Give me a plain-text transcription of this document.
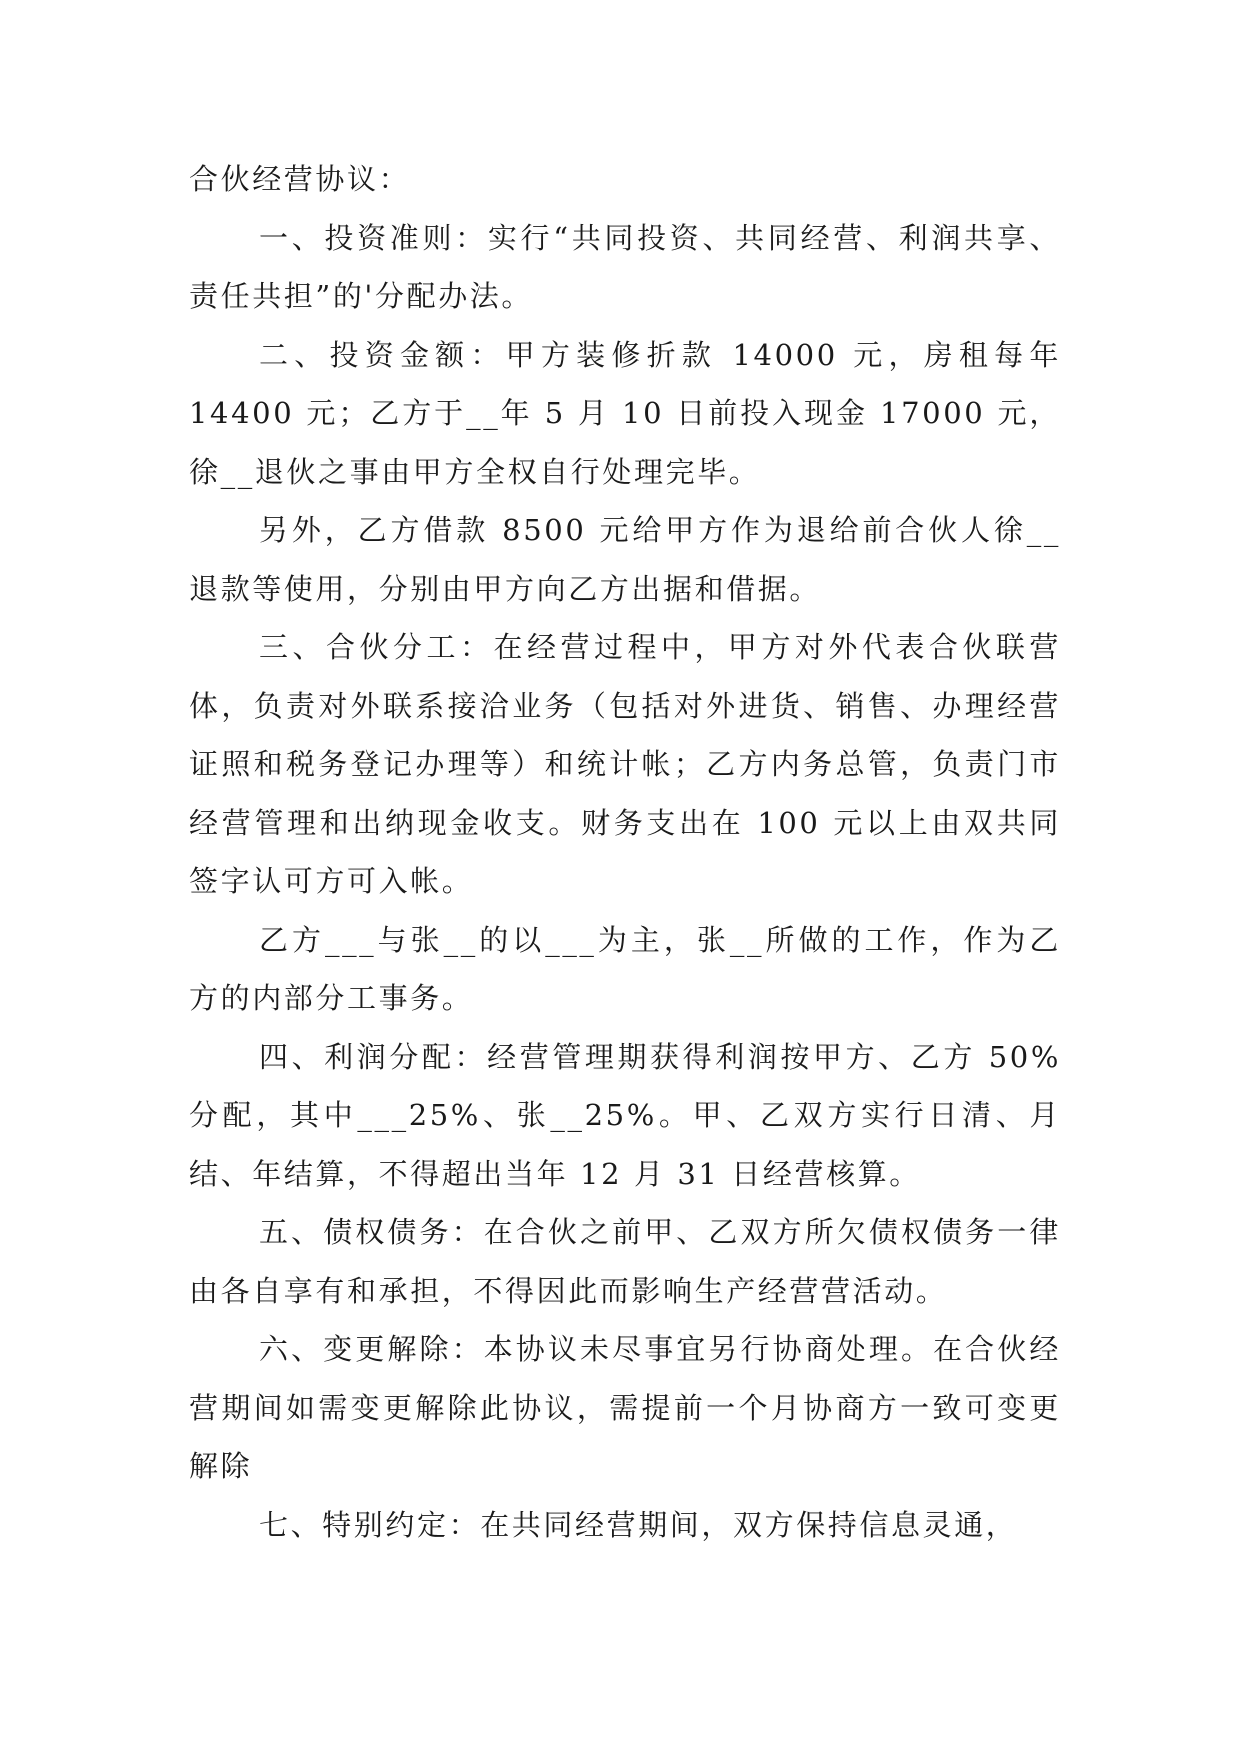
合伙经营协议：

一、投资准则：实行“共同投资、共同经营、利润共享、责任共担”的'分配办法。

二、投资金额：甲方装修折款 14000 元，房租每年 14400 元；乙方于__年 5 月 10 日前投入现金 17000 元，徐__退伙之事由甲方全权自行处理完毕。

另外，乙方借款 8500 元给甲方作为退给前合伙人徐__退款等使用，分别由甲方向乙方出据和借据。

三、合伙分工：在经营过程中，甲方对外代表合伙联营体，负责对外联系接洽业务（包括对外进货、销售、办理经营证照和税务登记办理等）和统计帐；乙方内务总管，负责门市经营管理和出纳现金收支。财务支出在 100 元以上由双共同签字认可方可入帐。

乙方___与张__的以___为主，张__所做的工作，作为乙方的内部分工事务。

四、利润分配：经营管理期获得利润按甲方、乙方 50%分配，其中___25%、张__25%。甲、乙双方实行日清、月结、年结算，不得超出当年 12 月 31 日经营核算。

五、债权债务：在合伙之前甲、乙双方所欠债权债务一律由各自享有和承担，不得因此而影响生产经营营活动。

六、变更解除：本协议未尽事宜另行协商处理。在合伙经营期间如需变更解除此协议，需提前一个月协商方一致可变更解除

七、特别约定：在共同经营期间，双方保持信息灵通，
